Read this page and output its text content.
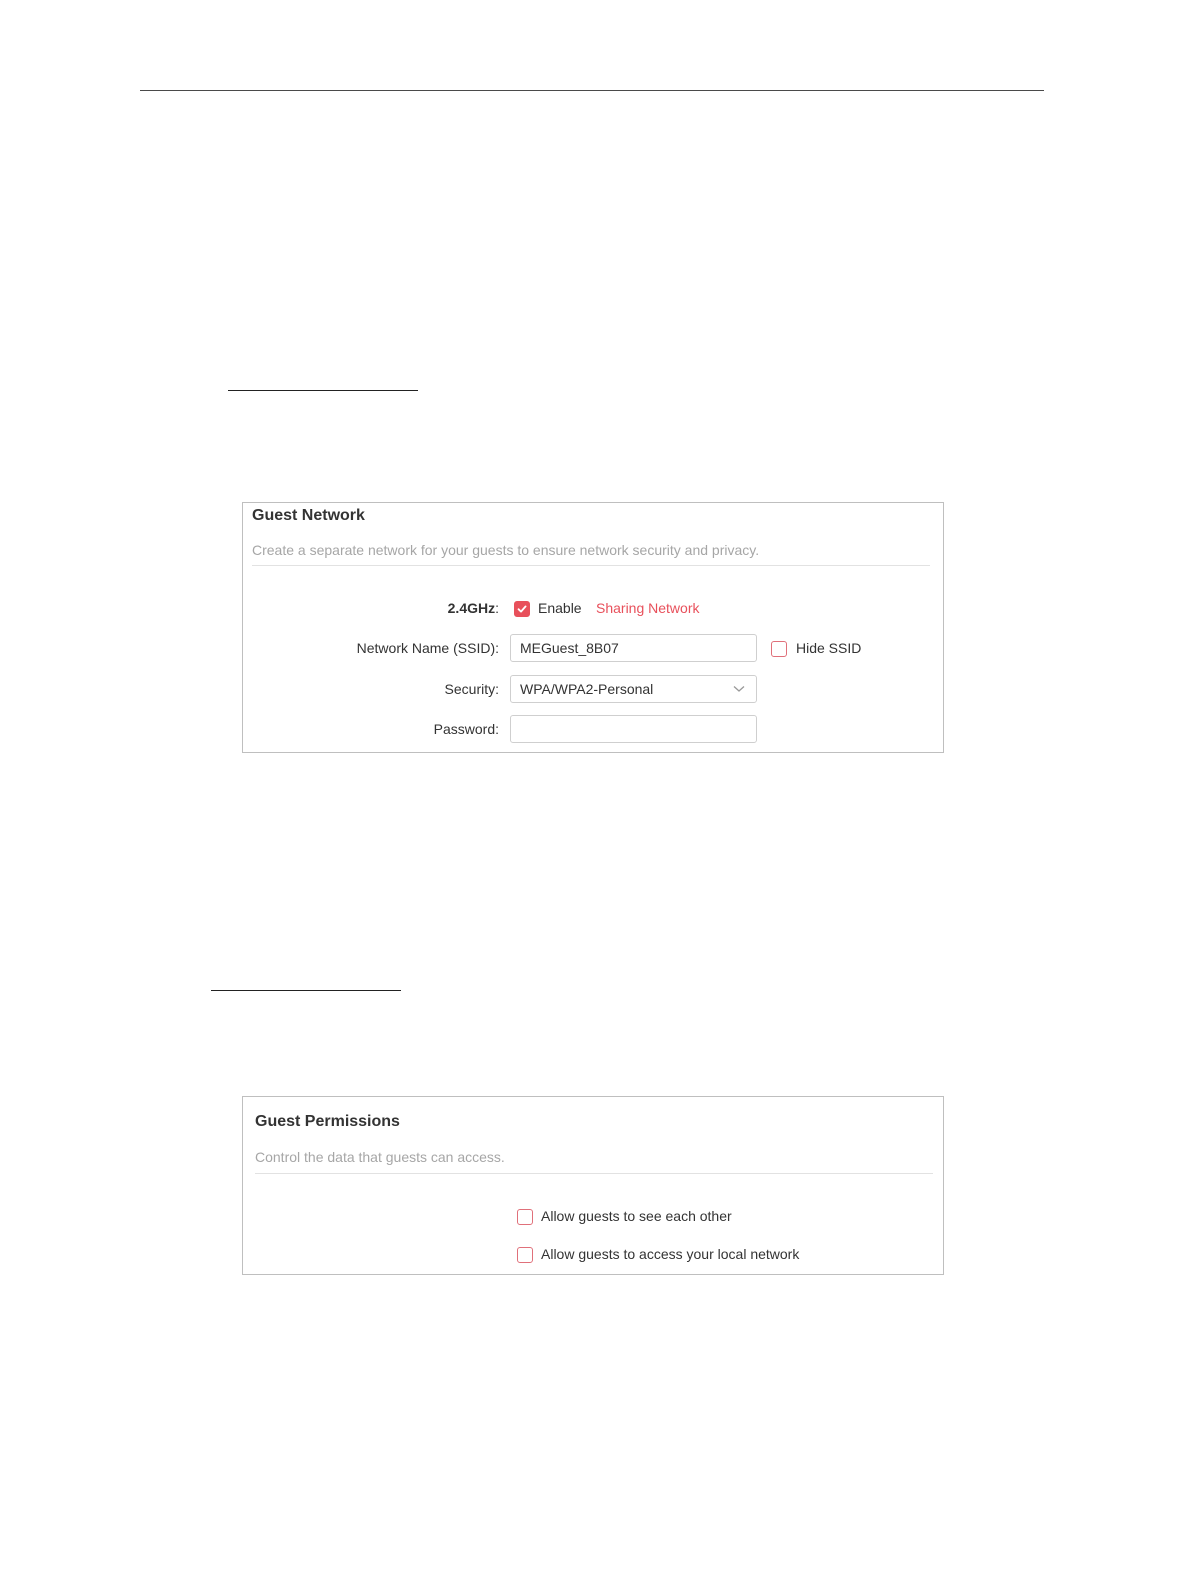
Guest Network
Create a separate network for your guests to ensure network security and privacy.
2.4GHz:	Enable Sharing Network
Network Name (SSID):
MEGuest_8B07	Hide SSID
Security: WPA/WPA2-Personal
Password:
Guest Permissions
Control the data that guests can access.
Allow guests to see each other
Allow guests to access your local network
